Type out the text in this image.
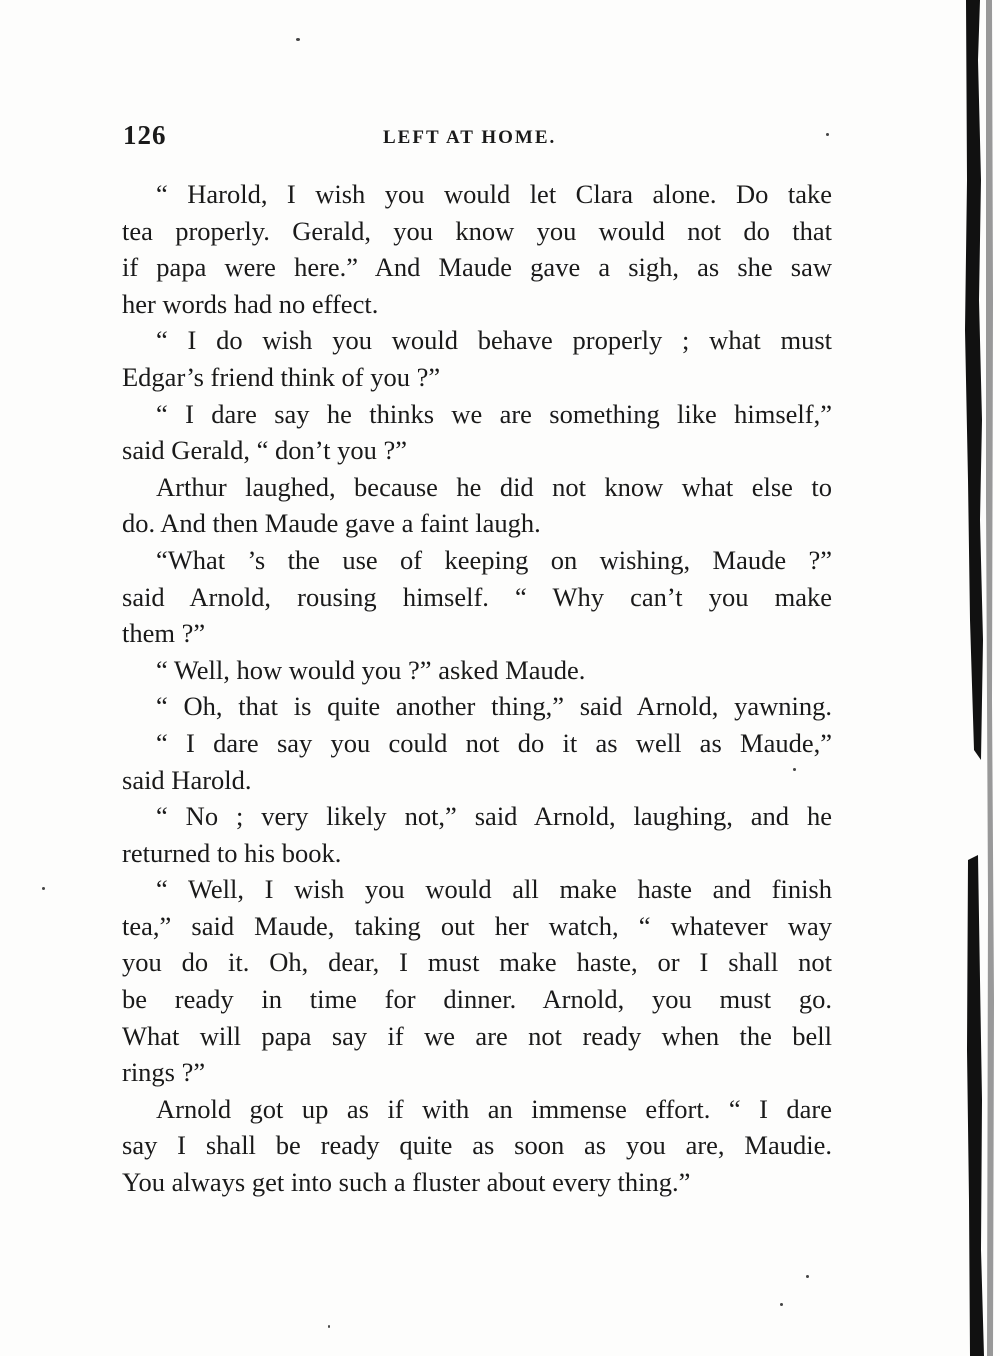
126	LEFT AT HOME.
“ Harold, I wish you would let Clara alone. Do take
tea properly. Gerald, you know you would not do that
if papa were here.” And Maude gave a sigh, as she saw
her words had no effect.
“ I do wish you would behave properly ; what must
Edgar’s friend think of you ?”
“ I dare say he thinks we are something like himself,”
said Gerald, “ don’t you ?”
Arthur laughed, because he did not know what else to
do. And then Maude gave a faint laugh.
“What ’s the use of keeping on wishing, Maude ?”
said Arnold, rousing himself. “ Why can’t you make
them ?”
“ Well, how would you ?” asked Maude.
“ Oh, that is quite another thing,” said Arnold, yawning.
“ I dare say you could not do it as well as Maude,”
said Harold.
“ No ; very likely not,” said Arnold, laughing, and he
returned to his book.
“ Well, I wish you would all make haste and finish
tea,” said Maude, taking out her watch, “ whatever way
you do it. Oh, dear, I must make haste, or I shall not
be ready in time for dinner. Arnold, you must go.
What will papa say if we are not ready when the bell
rings ?”
Arnold got up as if with an immense effort. “ I dare
say I shall be ready quite as soon as you are, Maudie.
You always get into such a fluster about every thing.”
